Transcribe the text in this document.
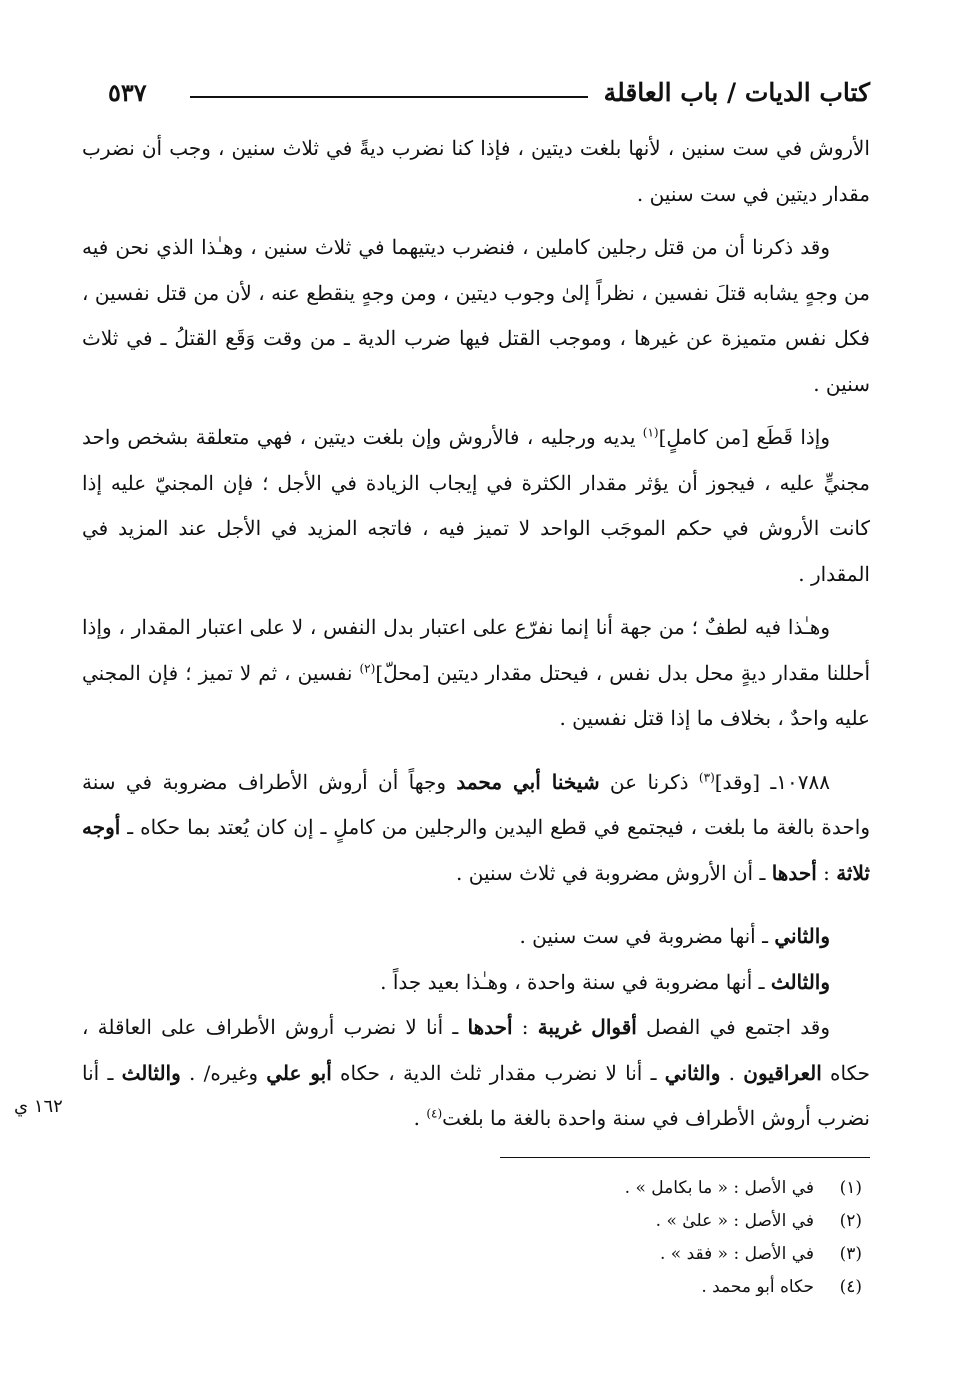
كتاب الديات / باب العاقلة
٥٣٧

الأروش في ست سنين ، لأنها بلغت ديتين ، فإذا كنا نضرب ديةً في ثلاث سنين ، وجب أن نضرب مقدار ديتين في ست سنين .

وقد ذكرنا أن من قتل رجلين كاملين ، فنضرب ديتيهما في ثلاث سنين ، وهـٰذا الذي نحن فيه من وجهٍ يشابه قتلَ نفسين ، نظراً إلىٰ وجوب ديتين ، ومن وجهٍ ينقطع عنه ، لأن من قتل نفسين ، فكل نفس متميزة عن غيرها ، وموجب القتل فيها ضرب الدية ـ من وقت وَقَع القتلُ ـ في ثلاث سنين .

وإذا قَطَع [من كاملٍ]$^{(١)}$ يديه ورجليه ، فالأروش وإن بلغت ديتين ، فهي متعلقة بشخص واحد مجنيٍّ عليه ، فيجوز أن يؤثر مقدار الكثرة في إيجاب الزيادة في الأجل ؛ فإن المجنيّ عليه إذا كانت الأروش في حكم الموجَب الواحد لا تميز فيه ، فاتجه المزيد في الأجل عند المزيد في المقدار .

وهـٰذا فيه لطفٌ ؛ من جهة أنا إنما نفرّع على اعتبار بدل النفس ، لا على اعتبار المقدار ، وإذا أحللنا مقدار ديةٍ محل بدل نفس ، فيحتل مقدار ديتين [محلّ]$^{(٢)}$ نفسين ، ثم لا تميز ؛ فإن المجني عليه واحدٌ ، بخلاف ما إذا قتل نفسين .

١٠٧٨٨ـ [وقد]$^{(٣)}$ ذكرنا عن شيخنا أبي محمد وجهاً أن أروش الأطراف مضروبة في سنة واحدة بالغة ما بلغت ، فيجتمع في قطع اليدين والرجلين من كاملٍ ـ إن كان يُعتد بما حكاه ـ أوجه ثلاثة : أحدها ـ أن الأروش مضروبة في ثلاث سنين .

والثاني ـ أنها مضروبة في ست سنين .

والثالث ـ أنها مضروبة في سنة واحدة ، وهـٰذا بعيد جداً .

وقد اجتمع في الفصل أقوال غريبة : أحدها ـ أنا لا نضرب أروش الأطراف على العاقلة ، حكاه العراقيون . والثاني ـ أنا لا نضرب مقدار ثلث الدية ، حكاه أبو علي وغيره/ . والثالث ـ أنا نضرب أروش الأطراف في سنة واحدة بالغة ما بلغت$^{(٤)}$ .

١٦٢ ي
(١)
في الأصل : « ما بكامل » .
(٢)
في الأصل : « علىٰ » .
(٣)
في الأصل : « فقد » .
(٤)
حكاه أبو محمد .
